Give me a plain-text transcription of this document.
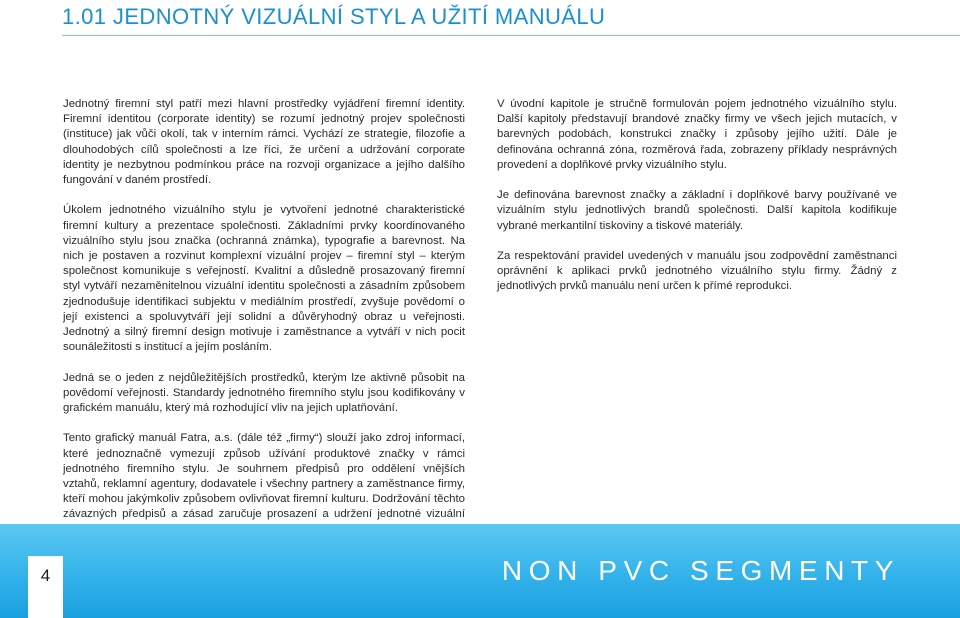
1.01 JEDNOTNÝ VIZUÁLNÍ STYL A UŽITÍ MANUÁLU

Jednotný firemní styl patří mezi hlavní prostředky vyjádření firemní identity. Firemní identitou (corporate identity) se rozumí jednotný projev společnosti (instituce) jak vůči okolí, tak v interním rámci. Vychází ze strategie, filozofie a dlouhodobých cílů společnosti a lze říci, že určení a udržování corporate identity je nezbytnou podmínkou práce na rozvoji organizace a jejího dalšího fungování v daném prostředí.

Úkolem jednotného vizuálního stylu je vytvoření jednotné charakteristické firemní kultury a prezentace společnosti. Základními prvky koordinovaného vizuálního stylu jsou značka (ochranná známka), typografie a barevnost. Na nich je postaven a rozvinut komplexní vizuální projev – firemní styl – kterým společnost komunikuje s veřejností. Kvalitní a důsledně prosazovaný firemní styl vytváří nezaměnitelnou vizuální identitu společnosti a zásadním způsobem zjednodušuje identifikaci subjektu v mediálním prostředí, zvyšuje povědomí o její existenci a spoluvytváří její solidní a důvěryhodný obraz u veřejnosti. Jednotný a silný firemní design motivuje i zaměstnance a vytváří v nich pocit sounáležitosti s institucí a jejím posláním.

Jedná se o jeden z nejdůležitějších prostředků, kterým lze aktivně působit na povědomí veřejnosti. Standardy jednotného firemního stylu jsou kodifikovány v grafickém manuálu, který má rozhodující vliv na jejich uplatňování.

Tento grafický manuál Fatra, a.s. (dále též „firmy“) slouží jako zdroj informací, které jednoznačně vymezují způsob užívání produktové značky v rámci jednotného firemního stylu. Je souhrnem předpisů pro oddělení vnějších vztahů, reklamní agentury, dodavatele i všechny partnery a zaměstnance firmy, kteří mohou jakýmkoliv způsobem ovlivňovat firemní kulturu. Dodržování těchto závazných předpisů a zásad zaručuje prosazení a udržení jednotné vizuální

V úvodní kapitole je stručně formulován pojem jednotného vizuálního stylu. Další kapitoly představují brandové značky firmy ve všech jejich mutacích, v barevných podobách, konstrukci značky i způsoby jejího užití. Dále je definována ochranná zóna, rozměrová řada, zobrazeny příklady nesprávných provedení a doplňkové prvky vizuálního stylu.

Je definována barevnost značky a základní i doplňkové barvy používané ve vizuálním stylu jednotlivých brandů společnosti. Další kapitola kodifikuje vybrané merkantilní tiskoviny a tiskové materiály.

Za respektování pravidel uvedených v manuálu jsou zodpovědní zaměstnanci oprávnění k aplikaci prvků jednotného vizuálního stylu firmy. Žádný z jednotlivých prvků manuálu není určen k přímé reprodukci.

4	NON PVC SEGMENTY
